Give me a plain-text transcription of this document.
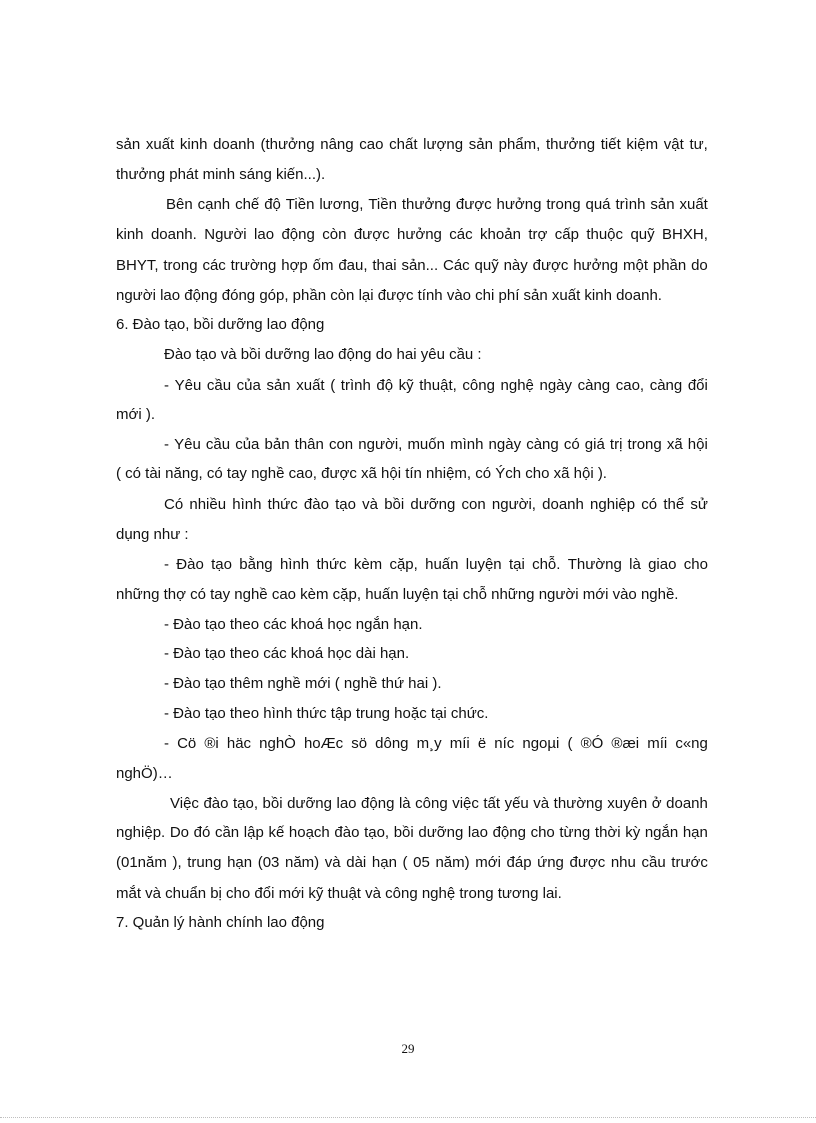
sản xuất kinh doanh (thưởng nâng cao chất lượng sản phẩm, thưởng tiết kiệm vật tư,
thưởng phát minh sáng kiến...).
Bên cạnh chế độ Tiền lương, Tiền thưởng được hưởng trong quá trình sản xuất
kinh doanh. Người lao động còn được hưởng các khoản trợ cấp thuộc quỹ BHXH,
BHYT, trong các trường hợp ốm đau, thai sản... Các quỹ này được hưởng một phần do
người lao động đóng góp, phần còn lại được tính vào chi phí sản xuất kinh doanh.
6. Đào tạo, bồi dưỡng lao động
Đào tạo và bồi dưỡng lao động do hai yêu cầu :
- Yêu cầu của sản xuất ( trình độ kỹ thuật, công nghệ ngày càng cao, càng đổi
mới ).
- Yêu cầu của bản thân con người, muốn mình ngày càng có giá trị trong xã hội
( có tài năng, có tay nghề cao, được xã hội tín nhiệm, có Ých cho xã hội ).
Có nhiều hình thức đào tạo và bồi dưỡng con người, doanh nghiệp có thể sử
dụng như :
- Đào tạo bằng hình thức kèm cặp, huấn luyện tại chỗ. Thường là giao cho
những thợ có tay nghề cao kèm cặp, huấn luyện tại chỗ những người mới vào nghề.
- Đào tạo theo các khoá học ngắn hạn.
- Đào tạo theo các khoá học dài hạn.
- Đào tạo thêm nghề mới ( nghề thứ hai ).
- Đào tạo theo hình thức tập trung hoặc tại chức.
- Cö ®i häc nghÒ hoÆc sö dông m¸y míi ë níc ngoµi ( ®Ó ®æi míi c«ng
nghÖ)…
Việc đào tạo, bồi dưỡng lao động là công việc tất yếu và thường xuyên ở doanh
nghiệp. Do đó cần lập kế hoạch đào tạo, bồi dưỡng lao động cho từng thời kỳ ngắn hạn
(01năm ), trung hạn (03 năm) và dài hạn ( 05 năm) mới đáp ứng được nhu cầu trước
mắt và chuẩn bị cho đổi mới kỹ thuật và công nghệ trong tương lai.
7. Quản lý hành chính lao động
29
